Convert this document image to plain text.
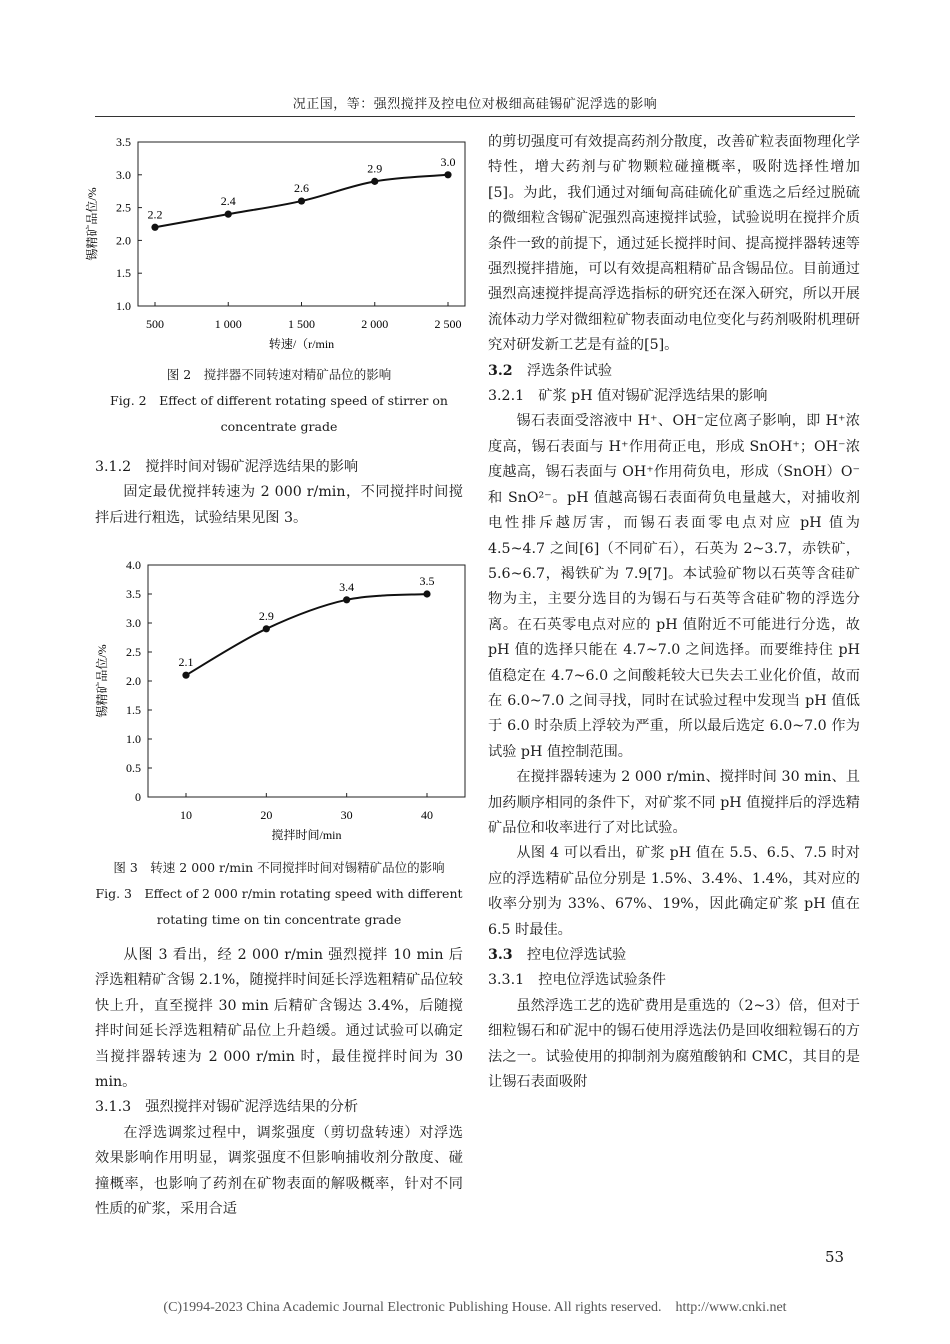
况正国，等：强烈搅拌及控电位对极细高硅锡矿泥浮选的影响
1.0
1.5
2.0
2.5
3.0
3.5
500	1 000	1 500	2 000	2 500
转速/（r/min
锡精矿品位/%	2.2
2.4
2.6
2.9	3.0
图 2　搅拌器不同转速对精矿品位的影响
Fig. 2　Effect of different rotating speed of stirrer on
concentrate grade

3.1.2　搅拌时间对锡矿泥浮选结果的影响

固定最优搅拌转速为 2 000 r/min，不同搅拌时间搅拌后进行粗选，试验结果见图 3。

0
0.5
1.0
1.5
2.0
2.5
3.0
3.5
4.0
10	20	30	40
搅拌时间/min
锡精矿品位/%	2.1
2.9
3.4	3.5
图 3　转速 2 000 r/min 不同搅拌时间对锡精矿品位的影响
Fig. 3　Effect of 2 000 r/min rotating speed with different
rotating time on tin concentrate grade

从图 3 看出，经 2 000 r/min 强烈搅拌 10 min 后浮选粗精矿含锡 2.1%，随搅拌时间延长浮选粗精矿品位较快上升，直至搅拌 30 min 后精矿含锡达 3.4%，后随搅拌时间延长浮选粗精矿品位上升趋缓。通过试验可以确定当搅拌器转速为 2 000 r/min 时，最佳搅拌时间为 30 min。

3.1.3　强烈搅拌对锡矿泥浮选结果的分析

在浮选调浆过程中，调浆强度（剪切盘转速）对浮选效果影响作用明显，调浆强度不但影响捕收剂分散度、碰撞概率，也影响了药剂在矿物表面的解吸概率，针对不同性质的矿浆，采用合适

的剪切强度可有效提高药剂分散度，改善矿粒表面物理化学特性，增大药剂与矿物颗粒碰撞概率，吸附选择性增加[5]。为此，我们通过对缅甸高硅硫化矿重选之后经过脱硫的微细粒含锡矿泥强烈高速搅拌试验，试验说明在搅拌介质条件一致的前提下，通过延长搅拌时间、提高搅拌器转速等强烈搅拌措施，可以有效提高粗精矿品含锡品位。目前通过强烈高速搅拌提高浮选指标的研究还在深入研究，所以开展流体动力学对微细粒矿物表面动电位变化与药剂吸附机理研究对研发新工艺是有益的[5]。

3.2　 浮选条件试验

3.2.1　矿浆 pH 值对锡矿泥浮选结果的影响

锡石表面受溶液中 H⁺、OH⁻定位离子影响，即 H⁺浓度高，锡石表面与 H⁺作用荷正电，形成 SnOH⁺；OH⁻浓度越高，锡石表面与 OH⁺作用荷负电，形成（SnOH）O⁻和 SnO²⁻。pH 值越高锡石表面荷负电量越大，对捕收剂电性排斥越厉害，而锡石表面零电点对应 pH 值为 4.5~4.7 之间[6]（不同矿石），石英为 2~3.7，赤铁矿，5.6~6.7，褐铁矿为 7.9[7]。本试验矿物以石英等含硅矿物为主，主要分选目的为锡石与石英等含硅矿物的浮选分离。在石英零电点对应的 pH 值附近不可能进行分选，故 pH 值的选择只能在 4.7~7.0 之间选择。而要维持住 pH 值稳定在 4.7~6.0 之间酸耗较大已失去工业化价值，故而在 6.0~7.0 之间寻找，同时在试验过程中发现当 pH 值低于 6.0 时杂质上浮较为严重，所以最后选定 6.0~7.0 作为试验 pH 值控制范围。

在搅拌器转速为 2 000 r/min、搅拌时间 30 min、且加药顺序相同的条件下，对矿浆不同 pH 值搅拌后的浮选精矿品位和收率进行了对比试验。

从图 4 可以看出，矿浆 pH 值在 5.5、6.5、7.5 时对应的浮选精矿品位分别是 1.5%、3.4%、1.4%，其对应的收率分别为 33%、67%、19%，因此确定矿浆 pH 值在 6.5 时最佳。

3.3　 控电位浮选试验

3.3.1　控电位浮选试验条件

虽然浮选工艺的选矿费用是重选的（2~3）倍，但对于细粒锡石和矿泥中的锡石使用浮选法仍是回收细粒锡石的方法之一。试验使用的抑制剂为腐殖酸钠和 CMC，其目的是让锡石表面吸附

53
(C)1994-2023 China Academic Journal Electronic Publishing House. All rights reserved.　http://www.cnki.net
